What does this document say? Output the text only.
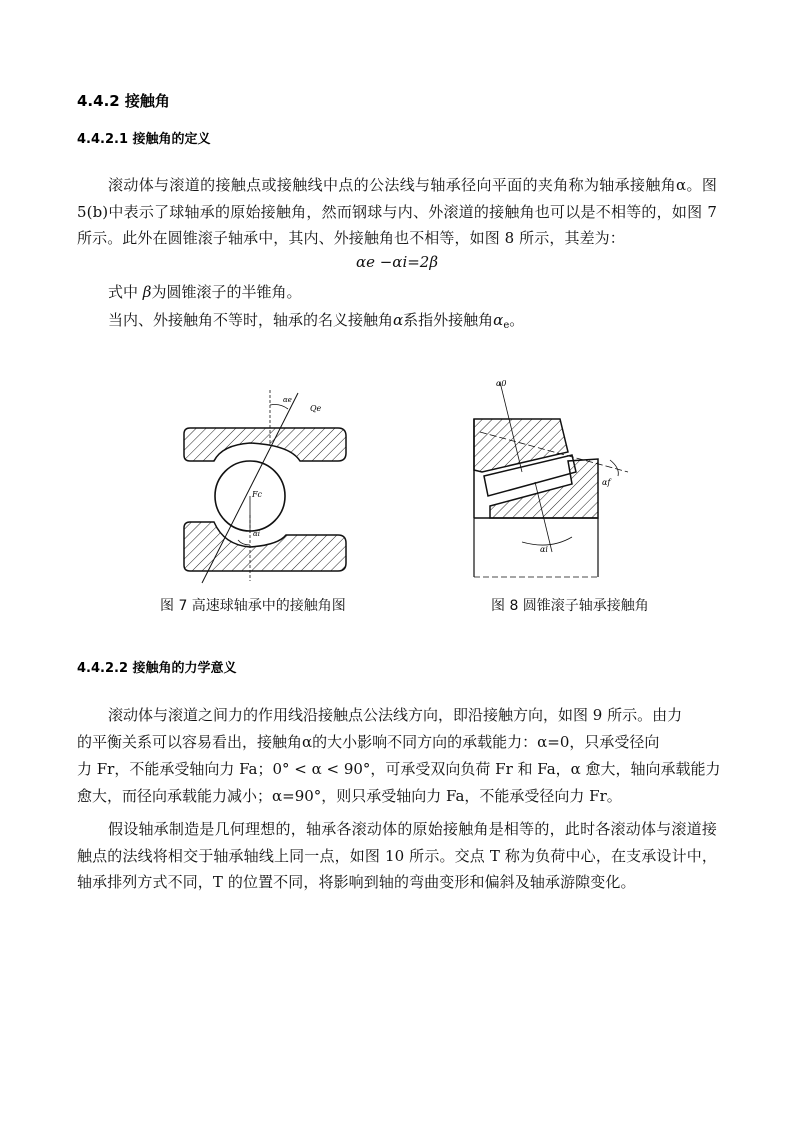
4.4.2 接触角
4.4.2.1 接触角的定义

滚动体与滚道的接触点或接触线中点的公法线与轴承径向平面的夹角称为轴承接触角α。图 5(b)中表示了球轴承的原始接触角，然而钢球与内、外滚道的接触角也可以是不相等的，如图 7 所示。此外在圆锥滚子轴承中，其内、外接触角也不相等，如图 8 所示，其差为：

αe −αi=2β
式中 β为圆锥滚子的半锥角。
当内、外接触角不等时，轴承的名义接触角α系指外接触角$\alpha_e$。
αe
Qe
Fc
αi
α0
αf
αi
图 7 高速球轴承中的接触角图	图 8 圆锥滚子轴承接触角
4.4.2.2 接触角的力学意义
滚动体与滚道之间力的作用线沿接触点公法线方向，即沿接触方向，如图 9 所示。由力
的平衡关系可以容易看出，接触角α的大小影响不同方向的承载能力：α=0，只承受径向
力 Fr，不能承受轴向力 Fa；0° < α < 90°，可承受双向负荷 Fr 和 Fa，α 愈大，轴向承载能力
愈大，而径向承载能力减小；α=90°，则只承受轴向力 Fa，不能承受径向力 Fr。

假设轴承制造是几何理想的，轴承各滚动体的原始接触角是相等的，此时各滚动体与滚道接触点的法线将相交于轴承轴线上同一点，如图 10 所示。交点 T 称为负荷中心，在支承设计中，轴承排列方式不同，T 的位置不同，将影响到轴的弯曲变形和偏斜及轴承游隙变化。
